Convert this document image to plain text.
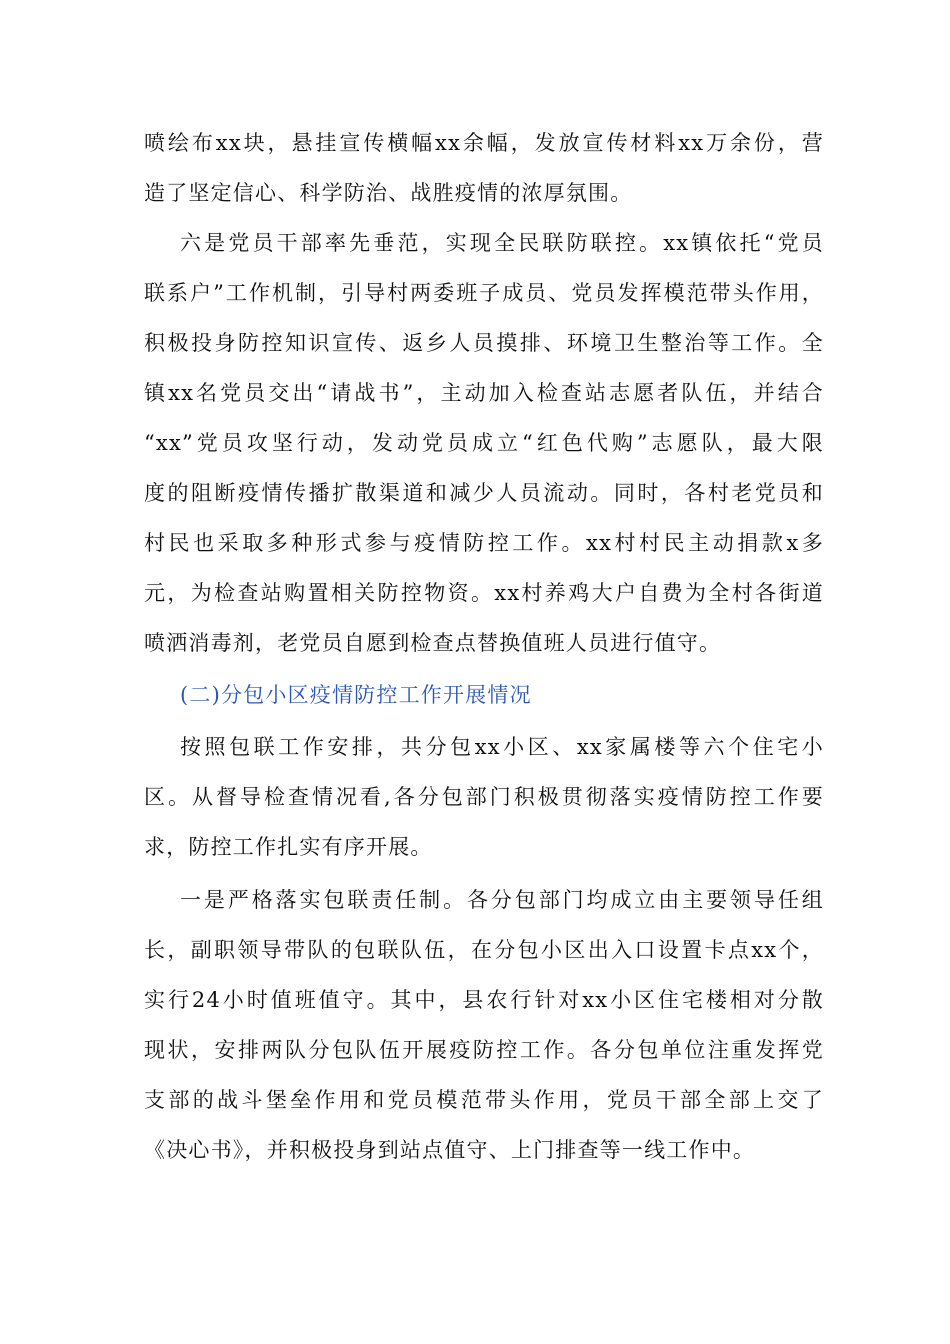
喷绘布xx块，悬挂宣传横幅xx余幅，发放宣传材料xx万余份，营
造了坚定信心、科学防治、战胜疫情的浓厚氛围。
六是党员干部率先垂范，实现全民联防联控。xx镇依托“党员
联系户”工作机制，引导村两委班子成员、党员发挥模范带头作用，
积极投身防控知识宣传、返乡人员摸排、环境卫生整治等工作。全
镇xx名党员交出“请战书”，主动加入检查站志愿者队伍，并结合
“xx”党员攻坚行动，发动党员成立“红色代购”志愿队，最大限
度的阻断疫情传播扩散渠道和减少人员流动。同时，各村老党员和
村民也采取多种形式参与疫情防控工作。xx村村民主动捐款x多
元，为检查站购置相关防控物资。xx村养鸡大户自费为全村各街道
喷洒消毒剂，老党员自愿到检查点替换值班人员进行值守。
(二)分包小区疫情防控工作开展情况
按照包联工作安排，共分包xx小区、xx家属楼等六个住宅小
区。从督导检查情况看,各分包部门积极贯彻落实疫情防控工作要
求，防控工作扎实有序开展。
一是严格落实包联责任制。各分包部门均成立由主要领导任组
长，副职领导带队的包联队伍，在分包小区出入口设置卡点xx个，
实行24小时值班值守。其中，县农行针对xx小区住宅楼相对分散
现状，安排两队分包队伍开展疫防控工作。各分包单位注重发挥党
支部的战斗堡垒作用和党员模范带头作用，党员干部全部上交了
《决心书》，并积极投身到站点值守、上门排查等一线工作中。
